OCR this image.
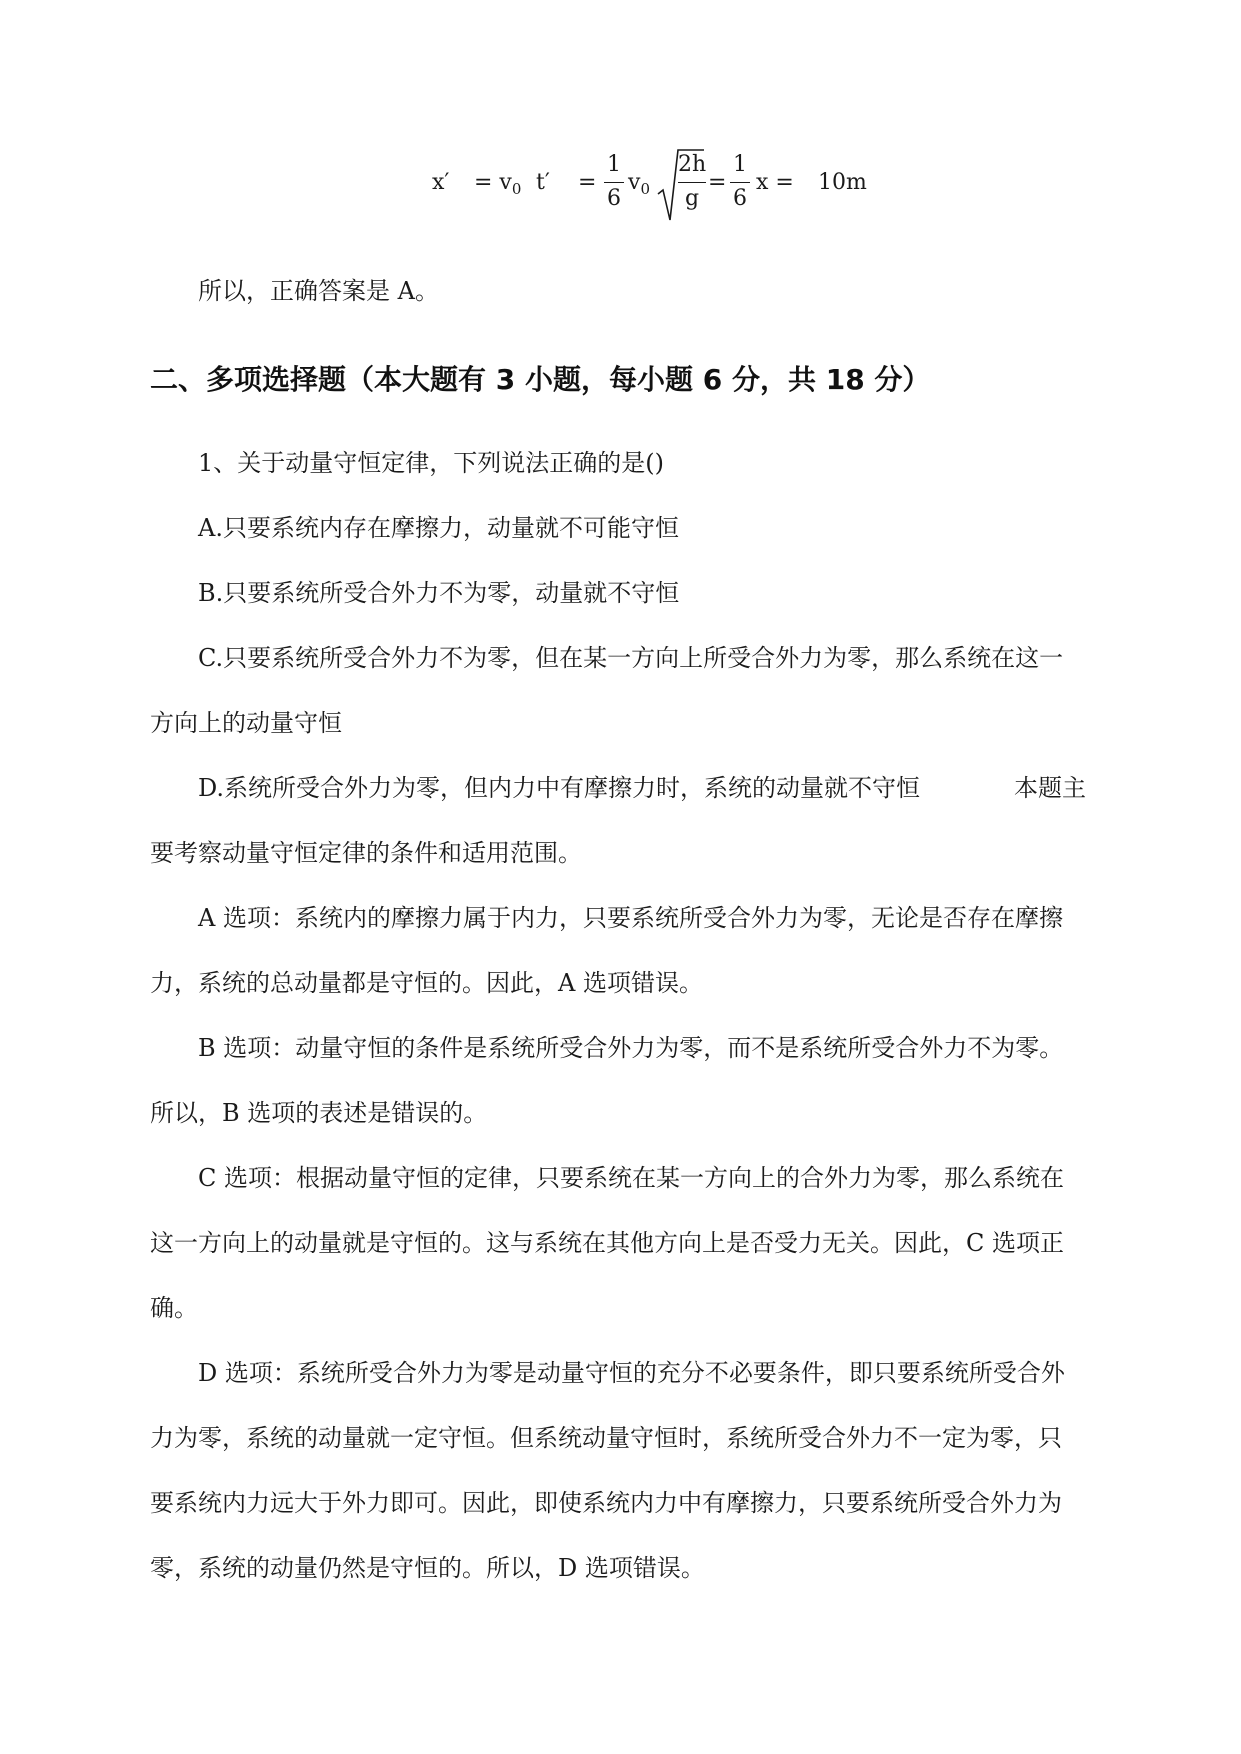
$x' = v_0$ t′ =
1
6
$v_0$
2h
g
=
1
6
x = 10m
所以，正确答案是 A。
二、多项选择题（本大题有 3 小题，每小题 6 分，共 18 分）
1、关于动量守恒定律，下列说法正确的是()
A.只要系统内存在摩擦力，动量就不可能守恒
B.只要系统所受合外力不为零，动量就不守恒
C.只要系统所受合外力不为零，但在某一方向上所受合外力为零，那么系统在这一
方向上的动量守恒
D.系统所受合外力为零，但内力中有摩擦力时，系统的动量就不守恒	本题主
要考察动量守恒定律的条件和适用范围。
A 选项：系统内的摩擦力属于内力，只要系统所受合外力为零，无论是否存在摩擦
力，系统的总动量都是守恒的。因此，A 选项错误。
B 选项：动量守恒的条件是系统所受合外力为零，而不是系统所受合外力不为零。
所以，B 选项的表述是错误的。
C 选项：根据动量守恒的定律，只要系统在某一方向上的合外力为零，那么系统在
这一方向上的动量就是守恒的。这与系统在其他方向上是否受力无关。因此，C 选项正
确。
D 选项：系统所受合外力为零是动量守恒的充分不必要条件，即只要系统所受合外
力为零，系统的动量就一定守恒。但系统动量守恒时，系统所受合外力不一定为零，只
要系统内力远大于外力即可。因此，即使系统内力中有摩擦力，只要系统所受合外力为
零，系统的动量仍然是守恒的。所以，D 选项错误。
